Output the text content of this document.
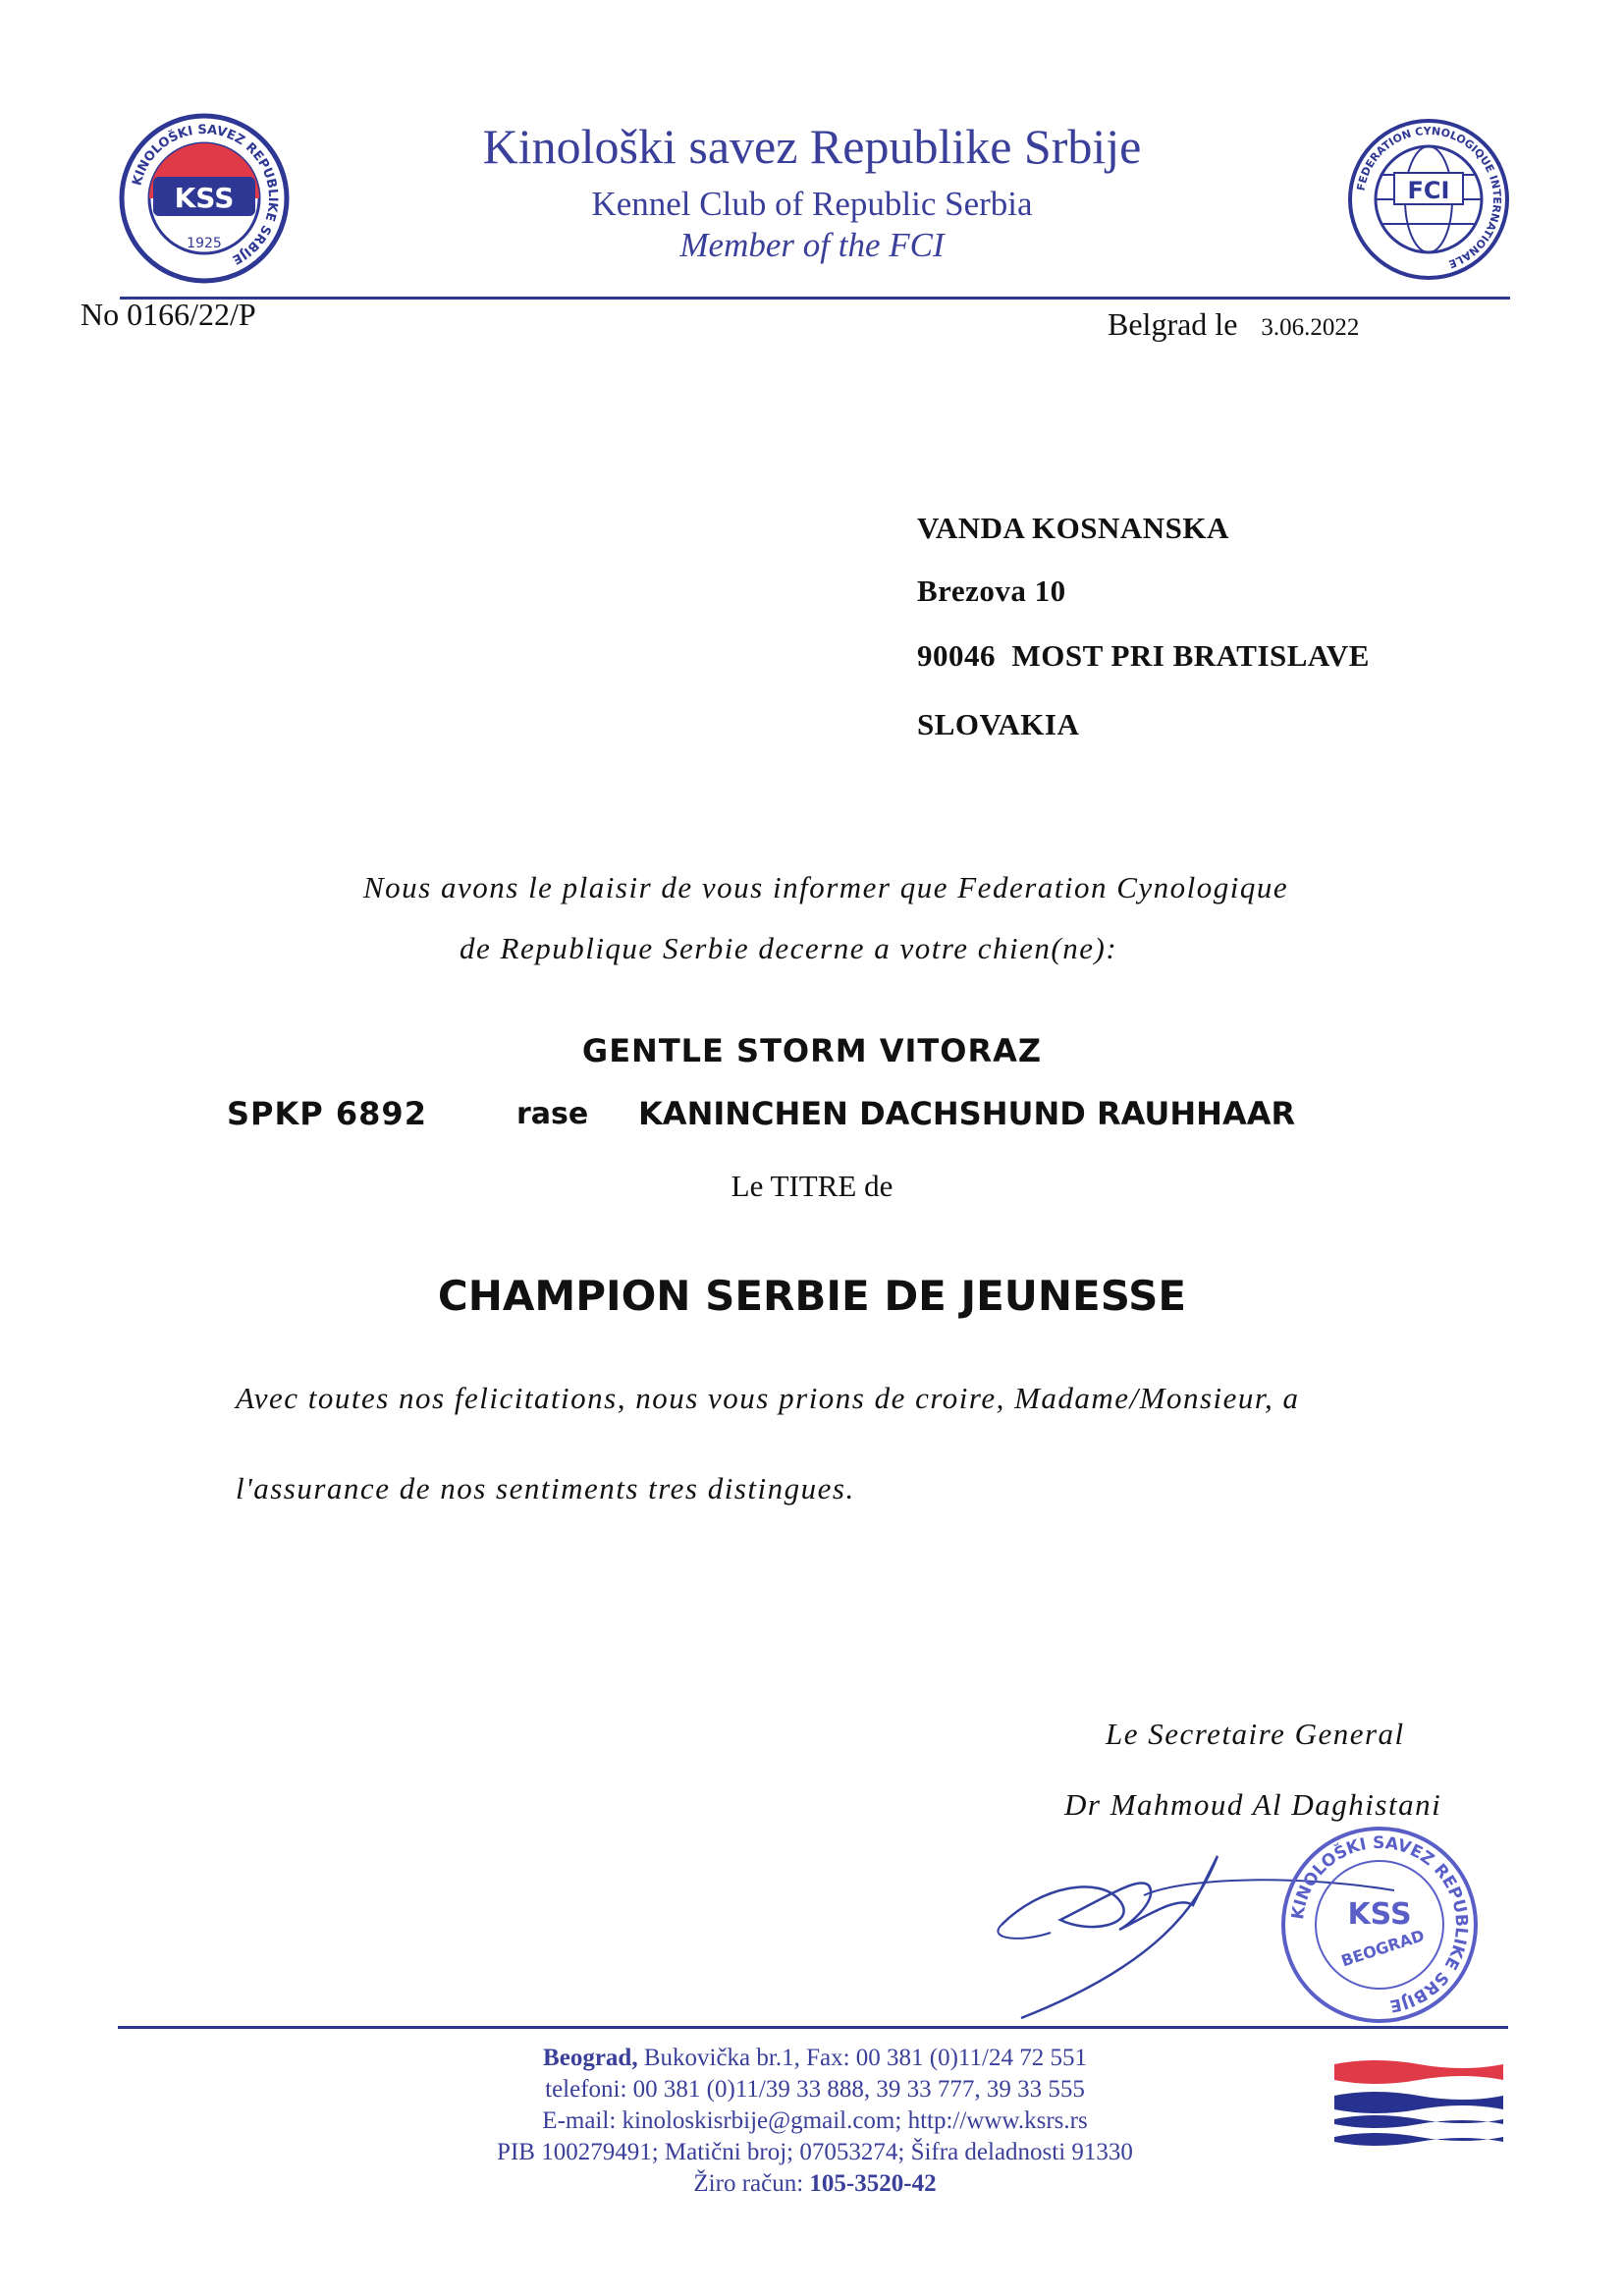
KINOLOŠKI SAVEZ REPUBLIKE SRBIJE
KSS
1925
FCI
FEDERATION CYNOLOGIQUE INTERNATIONALE
Kinološki savez Republike Srbije
Kennel Club of Republic Serbia
Member of the FCI
No 0166/22/P	Belgrad le 3.06.2022
VANDA KOSNANSKA
Brezova 10
90046  MOST PRI BRATISLAVE
SLOVAKIA
Nous avons le plaisir de vous informer que Federation Cynologique
de Republique Serbie decerne a votre chien(ne):
GENTLE STORM VITORAZ
SPKP 6892	rase KANINCHEN DACHSHUND RAUHHAAR
Le TITRE de
CHAMPION SERBIE DE JEUNESSE
Avec toutes nos felicitations, nous vous prions de croire, Madame/Monsieur, a
l'assurance de nos sentiments tres distingues.
Le Secretaire General
Dr Mahmoud Al Daghistani
KINOLOŠKI SAVEZ REPUBLIKE SRBIJE
KSS
BEOGRAD
Beograd, Bukovička br.1, Fax: 00 381 (0)11/24 72 551
telefoni: 00 381 (0)11/39 33 888, 39 33 777, 39 33 555
E-mail: kinoloskisrbije@gmail.com; http://www.ksrs.rs
PIB 100279491; Matični broj; 07053274; Šifra deladnosti 91330
Žiro račun: 105-3520-42
